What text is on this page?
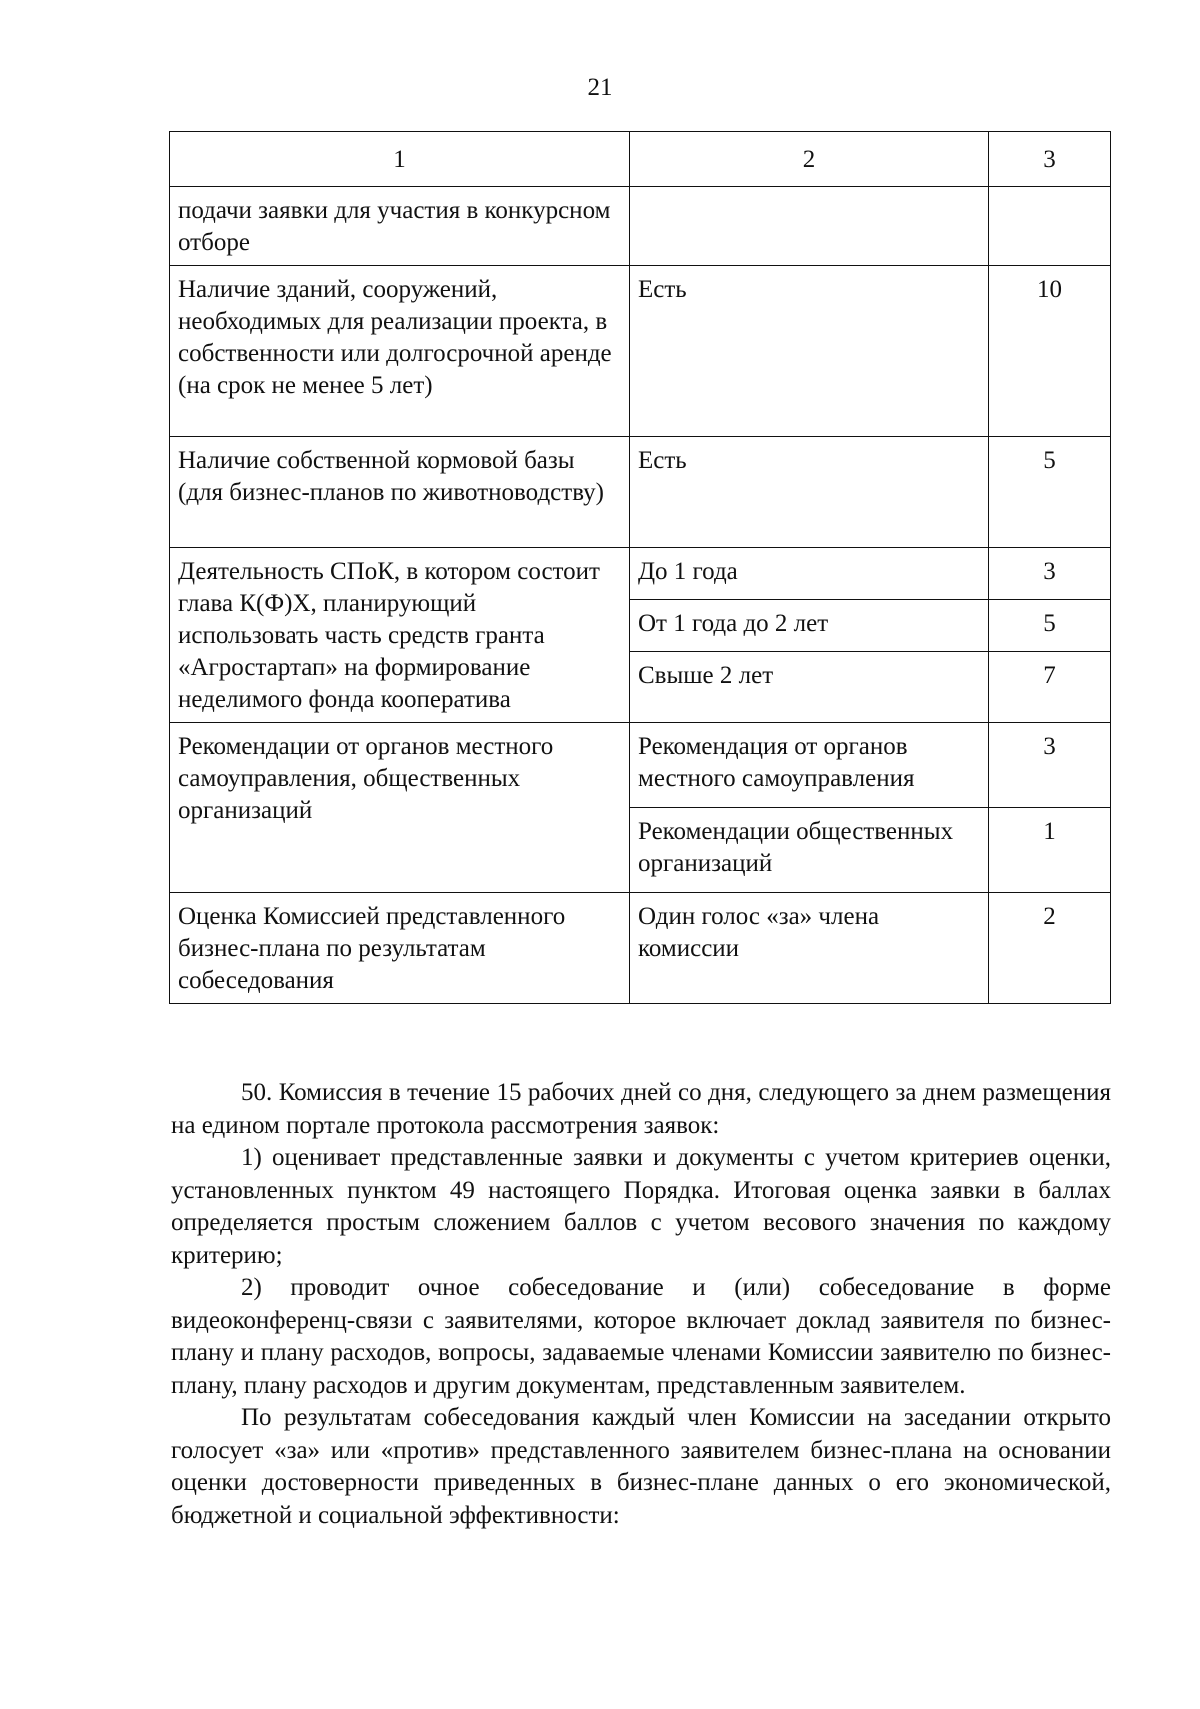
21
1	2	3
подачи заявки для участия в конкурсном отборе		
Наличие зданий, сооружений, необходимых для реализации проекта, в собственности или долгосрочной аренде (на срок не менее 5 лет)	Есть	10
Наличие собственной кормовой базы (для бизнес-планов по животноводству)	Есть	5
Деятельность СПоК, в котором состоит глава К(Ф)Х, планирующий использовать часть средств гранта «Агростартап» на формирование неделимого фонда кооператива	До 1 года	3
	От 1 года до 2 лет	5
	Свыше 2 лет	7
Рекомендации от органов местного самоуправления, общественных организаций	Рекомендация от органов местного самоуправления	3
	Рекомендации общественных организаций	1
Оценка Комиссией представленного бизнес-плана по результатам собеседования	Один голос «за» члена комиссии	2

50. Комиссия в течение 15 рабочих дней со дня, следующего за днем размещения на едином портале протокола рассмотрения заявок:

1) оценивает представленные заявки и документы с учетом критериев оценки, установленных пунктом 49 настоящего Порядка. Итоговая оценка заявки в баллах определяется простым сложением баллов с учетом весового значения по каждому критерию;

2) проводит очное собеседование и (или) собеседование в форме видеоконференц-связи с заявителями, которое включает доклад заявителя по бизнес-плану и плану расходов, вопросы, задаваемые членами Комиссии заявителю по бизнес-плану, плану расходов и другим документам, представленным заявителем.

По результатам собеседования каждый член Комиссии на заседании открыто голосует «за» или «против» представленного заявителем бизнес-плана на основании оценки достоверности приведенных в бизнес-плане данных о его экономической, бюджетной и социальной эффективности:
